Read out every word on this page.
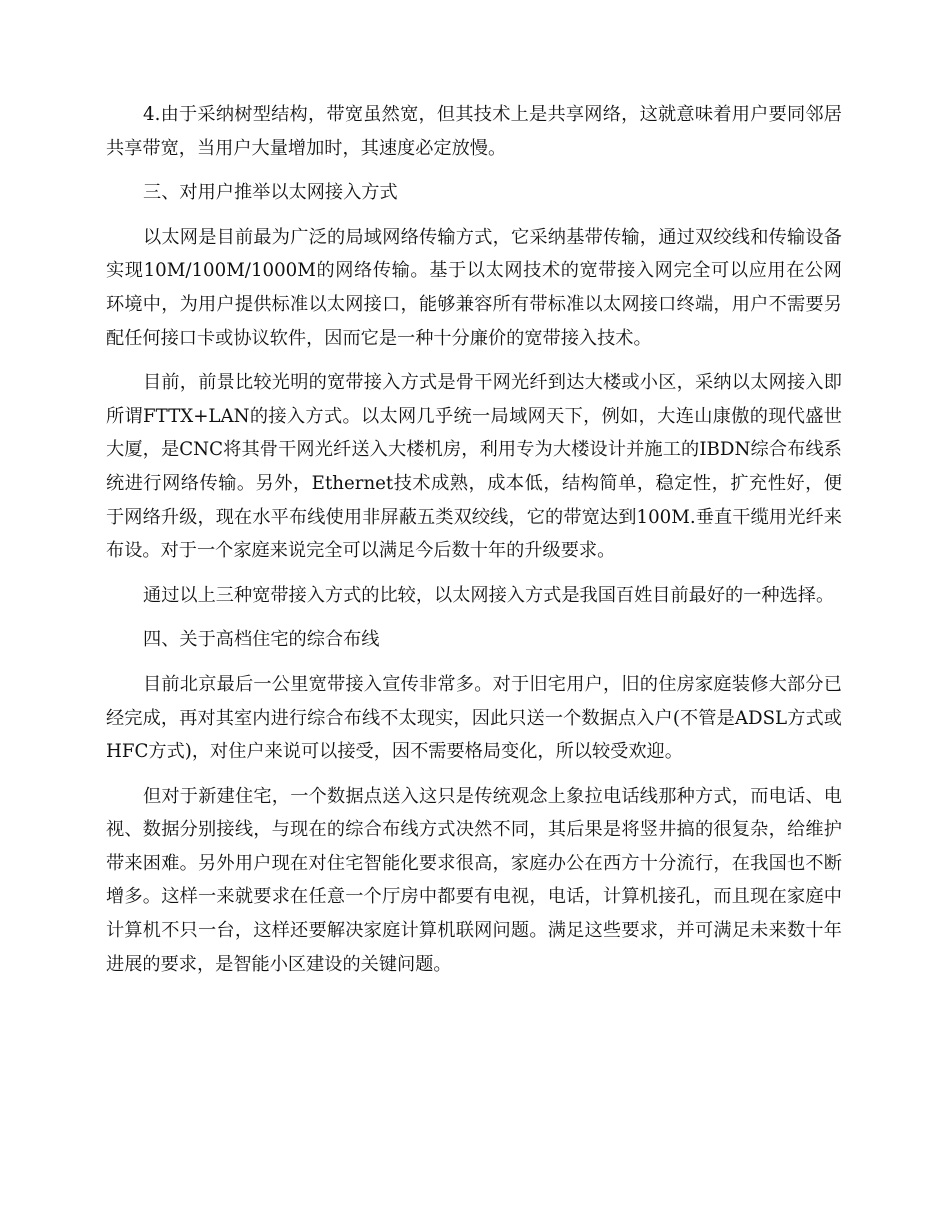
4.由于采纳树型结构，带宽虽然宽，但其技术上是共享网络，这就意味着用户要同邻居共享带宽，当用户大量增加时，其速度必定放慢。

三、对用户推举以太网接入方式

以太网是目前最为广泛的局域网络传输方式，它采纳基带传输，通过双绞线和传输设备实现10M/100M/1000M的网络传输。基于以太网技术的宽带接入网完全可以应用在公网环境中，为用户提供标准以太网接口，能够兼容所有带标准以太网接口终端，用户不需要另配任何接口卡或协议软件，因而它是一种十分廉价的宽带接入技术。

目前，前景比较光明的宽带接入方式是骨干网光纤到达大楼或小区，采纳以太网接入即所谓FTTX+LAN的接入方式。以太网几乎统一局域网天下，例如，大连山康傲的现代盛世大厦，是CNC将其骨干网光纤送入大楼机房，利用专为大楼设计并施工的IBDN综合布线系统进行网络传输。另外，Ethernet技术成熟，成本低，结构简单，稳定性，扩充性好，便于网络升级，现在水平布线使用非屏蔽五类双绞线，它的带宽达到100M.垂直干缆用光纤来布设。对于一个家庭来说完全可以满足今后数十年的升级要求。

通过以上三种宽带接入方式的比较，以太网接入方式是我国百姓目前最好的一种选择。

四、关于高档住宅的综合布线

目前北京最后一公里宽带接入宣传非常多。对于旧宅用户，旧的住房家庭装修大部分已经完成，再对其室内进行综合布线不太现实，因此只送一个数据点入户(不管是ADSL方式或HFC方式)，对住户来说可以接受，因不需要格局变化，所以较受欢迎。

但对于新建住宅，一个数据点送入这只是传统观念上象拉电话线那种方式，而电话、电视、数据分别接线，与现在的综合布线方式决然不同，其后果是将竖井搞的很复杂，给维护带来困难。另外用户现在对住宅智能化要求很高，家庭办公在西方十分流行，在我国也不断增多。这样一来就要求在任意一个厅房中都要有电视，电话，计算机接孔，而且现在家庭中计算机不只一台，这样还要解决家庭计算机联网问题。满足这些要求，并可满足未来数十年进展的要求，是智能小区建设的关键问题。
